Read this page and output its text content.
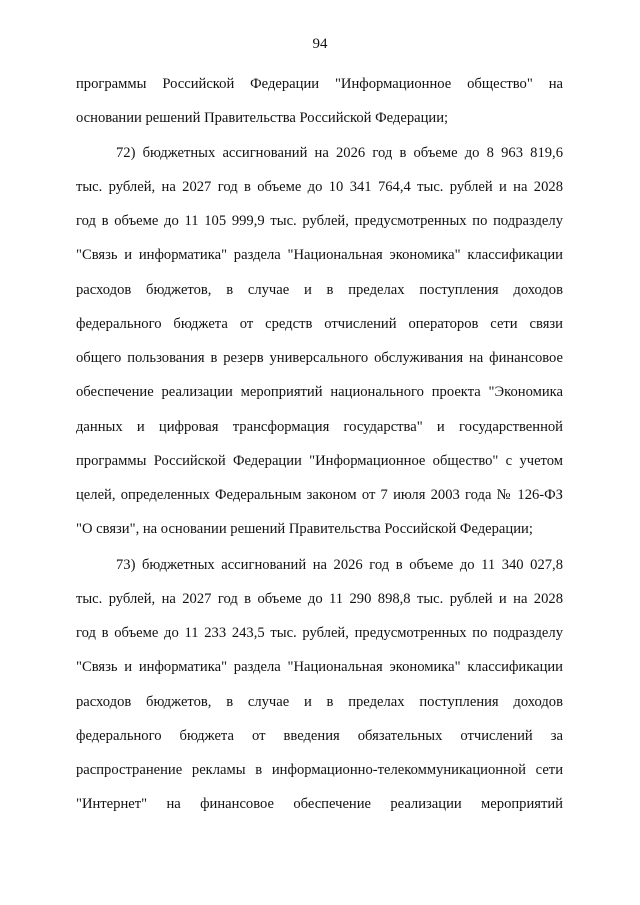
94
программы Российской Федерации "Информационное общество" на
основании решений Правительства Российской Федерации;
72) бюджетных ассигнований на 2026 год в объеме до 8 963 819,6
тыс. рублей, на 2027 год в объеме до 10 341 764,4 тыс. рублей и на 2028
год в объеме до 11 105 999,9 тыс. рублей, предусмотренных по подразделу
"Связь и информатика" раздела "Национальная экономика" классификации
расходов бюджетов, в случае и в пределах поступления доходов
федерального бюджета от средств отчислений операторов сети связи
общего пользования в резерв универсального обслуживания на финансовое
обеспечение реализации мероприятий национального проекта "Экономика
данных и цифровая трансформация государства" и государственной
программы Российской Федерации "Информационное общество" с учетом
целей, определенных Федеральным законом от 7 июля 2003 года № 126-ФЗ
"О связи", на основании решений Правительства Российской Федерации;
73) бюджетных ассигнований на 2026 год в объеме до 11 340 027,8
тыс. рублей, на 2027 год в объеме до 11 290 898,8 тыс. рублей и на 2028
год в объеме до 11 233 243,5 тыс. рублей, предусмотренных по подразделу
"Связь и информатика" раздела "Национальная экономика" классификации
расходов бюджетов, в случае и в пределах поступления доходов
федерального бюджета от введения обязательных отчислений за
распространение рекламы в информационно-телекоммуникационной сети
"Интернет" на финансовое обеспечение реализации мероприятий
